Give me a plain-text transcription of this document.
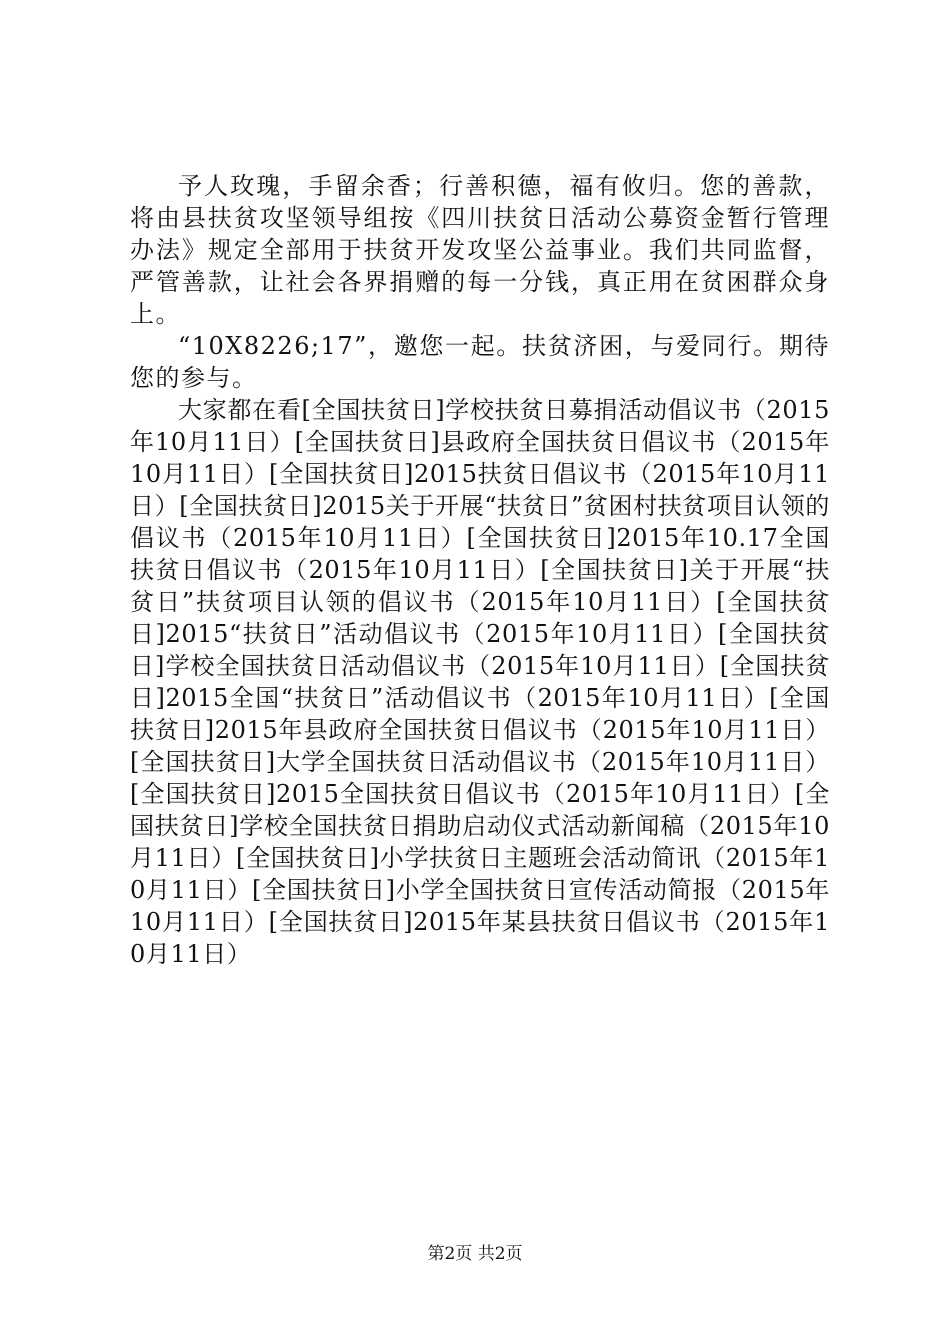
予人玫瑰，手留余香；行善积德，福有攸归。您的善款，将由县扶贫攻坚领导组按《四川扶贫日活动公募资金暂行管理办法》规定全部用于扶贫开发攻坚公益事业。我们共同监督，严管善款，让社会各界捐赠的每一分钱，真正用在贫困群众身上。

“10X8226;17”，邀您一起。扶贫济困，与爱同行。期待您的参与。

大家都在看[全国扶贫日]学校扶贫日募捐活动倡议书（2015年10月11日）[全国扶贫日]县政府全国扶贫日倡议书（2015年10月11日）[全国扶贫日]2015扶贫日倡议书（2015年10月11日）[全国扶贫日]2015关于开展“扶贫日”贫困村扶贫项目认领的倡议书（2015年10月11日）[全国扶贫日]2015年10.17全国扶贫日倡议书（2015年10月11日）[全国扶贫日]关于开展“扶贫日”扶贫项目认领的倡议书（2015年10月11日）[全国扶贫日]2015“扶贫日”活动倡议书（2015年10月11日）[全国扶贫日]学校全国扶贫日活动倡议书（2015年10月11日）[全国扶贫日]2015全国“扶贫日”活动倡议书（2015年10月11日）[全国扶贫日]2015年县政府全国扶贫日倡议书（2015年10月11日）[全国扶贫日]大学全国扶贫日活动倡议书（2015年10月11日）[全国扶贫日]2015全国扶贫日倡议书（2015年10月11日）[全国扶贫日]学校全国扶贫日捐助启动仪式活动新闻稿（2015年10月11日）[全国扶贫日]小学扶贫日主题班会活动简讯（2015年10月11日）[全国扶贫日]小学全国扶贫日宣传活动简报（2015年10月11日）[全国扶贫日]2015年某县扶贫日倡议书（2015年10月11日）

第2页 共2页
